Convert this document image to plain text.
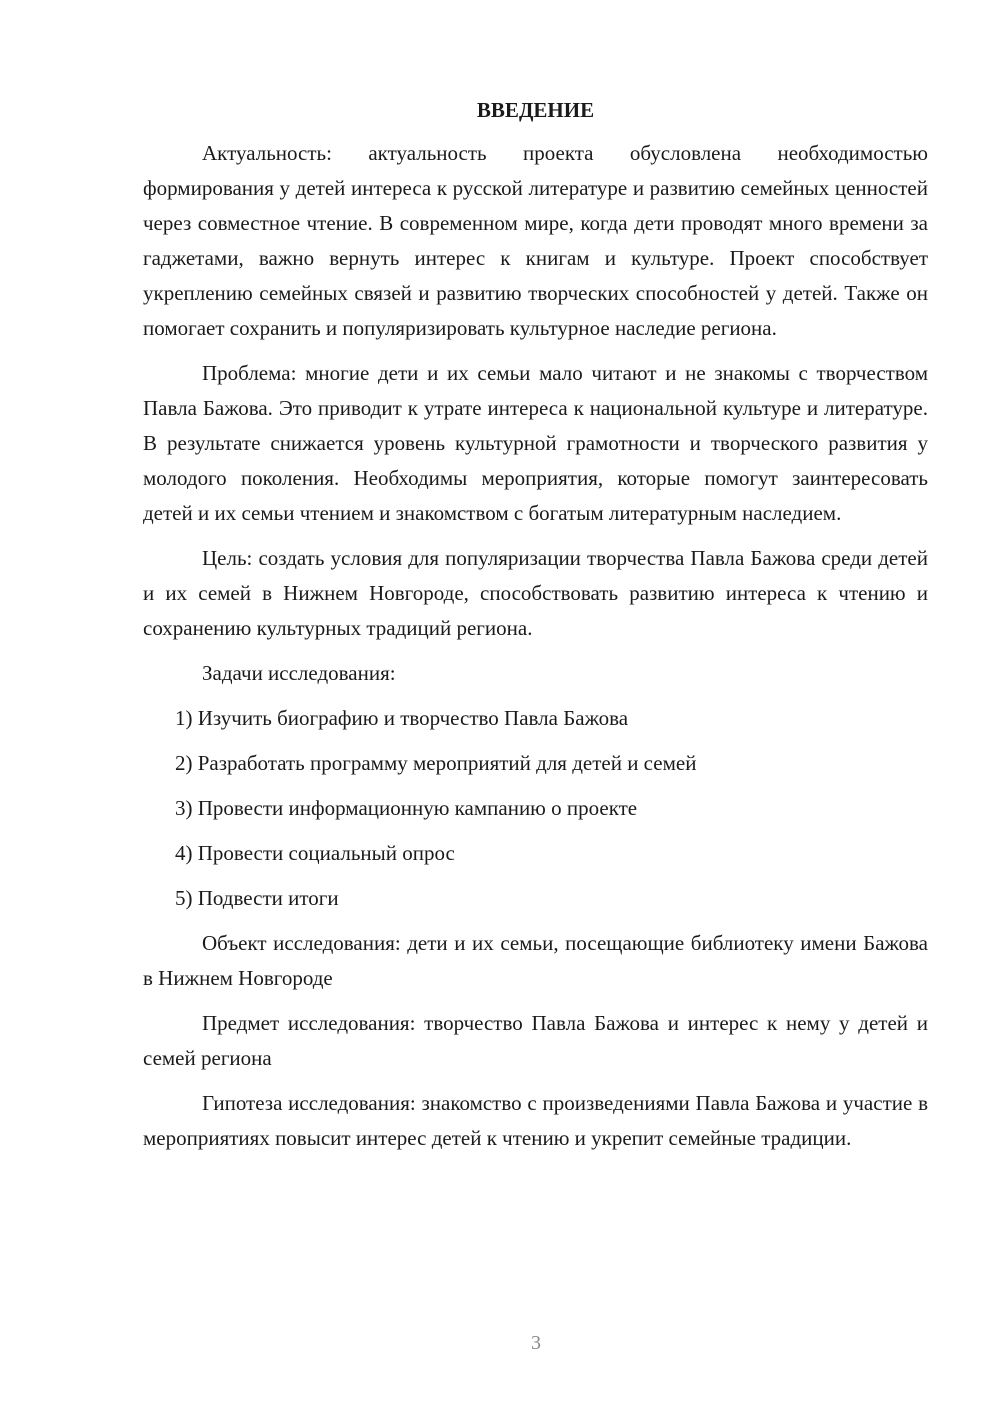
ВВЕДЕНИЕ

Актуальность: актуальность проекта обусловлена необходимостью формирования у детей интереса к русской литературе и развитию семейных ценностей через совместное чтение. В современном мире, когда дети проводят много времени за гаджетами, важно вернуть интерес к книгам и культуре. Проект способствует укреплению семейных связей и развитию творческих способностей у детей. Также он помогает сохранить и популяризировать культурное наследие региона.

Проблема: многие дети и их семьи мало читают и не знакомы с творчеством Павла Бажова. Это приводит к утрате интереса к национальной культуре и литературе. В результате снижается уровень культурной грамотности и творческого развития у молодого поколения. Необходимы мероприятия, которые помогут заинтересовать детей и их семьи чтением и знакомством с богатым литературным наследием.

Цель: создать условия для популяризации творчества Павла Бажова среди детей и их семей в Нижнем Новгороде, способствовать развитию интереса к чтению и сохранению культурных традиций региона.

Задачи исследования:

1) Изучить биографию и творчество Павла Бажова
2) Разработать программу мероприятий для детей и семей
3) Провести информационную кампанию о проекте
4) Провести социальный опрос
5) Подвести итоги

Объект исследования: дети и их семьи, посещающие библиотеку имени Бажова в Нижнем Новгороде

Предмет исследования: творчество Павла Бажова и интерес к нему у детей и семей региона

Гипотеза исследования: знакомство с произведениями Павла Бажова и участие в мероприятиях повысит интерес детей к чтению и укрепит семейные традиции.

3
